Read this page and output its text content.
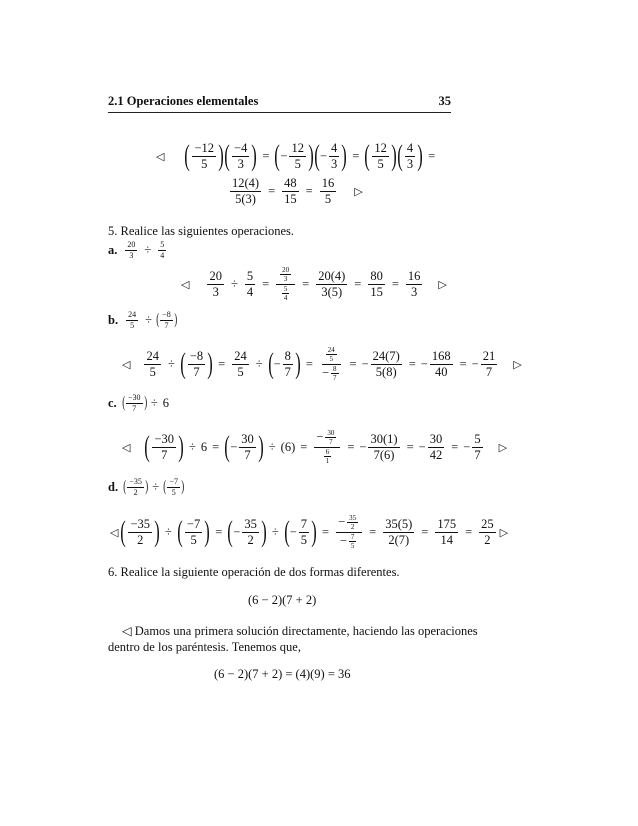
2.1 Operaciones elementales	35
◁ ( $\frac{-12}{5}$ ) ( $\frac{-4}{3}$ ) = ( − $\frac{12}{5}$ ) ( − $\frac{4}{3}$ ) = ( $\frac{12}{5}$ ) ( $\frac{4}{3}$ ) =
$\frac{12(4)}{5(3)} = \frac{48}{15} = \frac{16}{5}$ ▷
5. Realice las siguientes operaciones.
a. $\frac{20}{3} \div \frac{5}{4}$
◁ $\frac{20}{3} \div \frac{5}{4} = \frac{\frac{20}{3}}{\frac{5}{4}} = \frac{20(4)}{3(5)} = \frac{80}{15} = \frac{16}{3}$ ▷
b. $\frac{24}{5}$ ÷ ( $\frac{-8}{7}$ )
◁ $\frac{24}{5}$ ÷ ( $\frac{-8}{7}$ ) = $\frac{24}{5}$ ÷ ( − $\frac{8}{7}$ ) = $\frac{\frac{24}{5}}{- \frac{8}{7}}$ = − $\frac{24(7)}{5(8)}$ = − $\frac{168}{40}$ = − $\frac{21}{7}$ ▷
c. ( $\frac{-30}{7}$ ) ÷ 6
◁ ( $\frac{-30}{7}$ ) ÷ 6 = ( − $\frac{30}{7}$ ) ÷ $(6) = \frac{- \frac{30}{7}}{\frac{6}{1}}$ = − $\frac{30(1)}{7(6)}$ = − $\frac{30}{42}$ = − $\frac{5}{7}$ ▷
d. ( $\frac{-35}{2}$ ) ÷ ( $\frac{-7}{5}$ )
◁ ( $\frac{-35}{2}$ ) ÷ ( $\frac{-7}{5}$ ) = ( − $\frac{35}{2}$ ) ÷ ( − $\frac{7}{5}$ ) = $\frac{- \frac{35}{2}}{- \frac{7}{5}} = \frac{35(5)}{2(7)} = \frac{175}{14} = \frac{25}{2}$ ▷
6. Realice la siguiente operación de dos formas diferentes.
(6 − 2)(7 + 2)
◁ Damos una primera solución directamente, haciendo las operaciones
dentro de los paréntesis. Tenemos que,
(6 − 2)(7 + 2) = (4)(9) = 36
